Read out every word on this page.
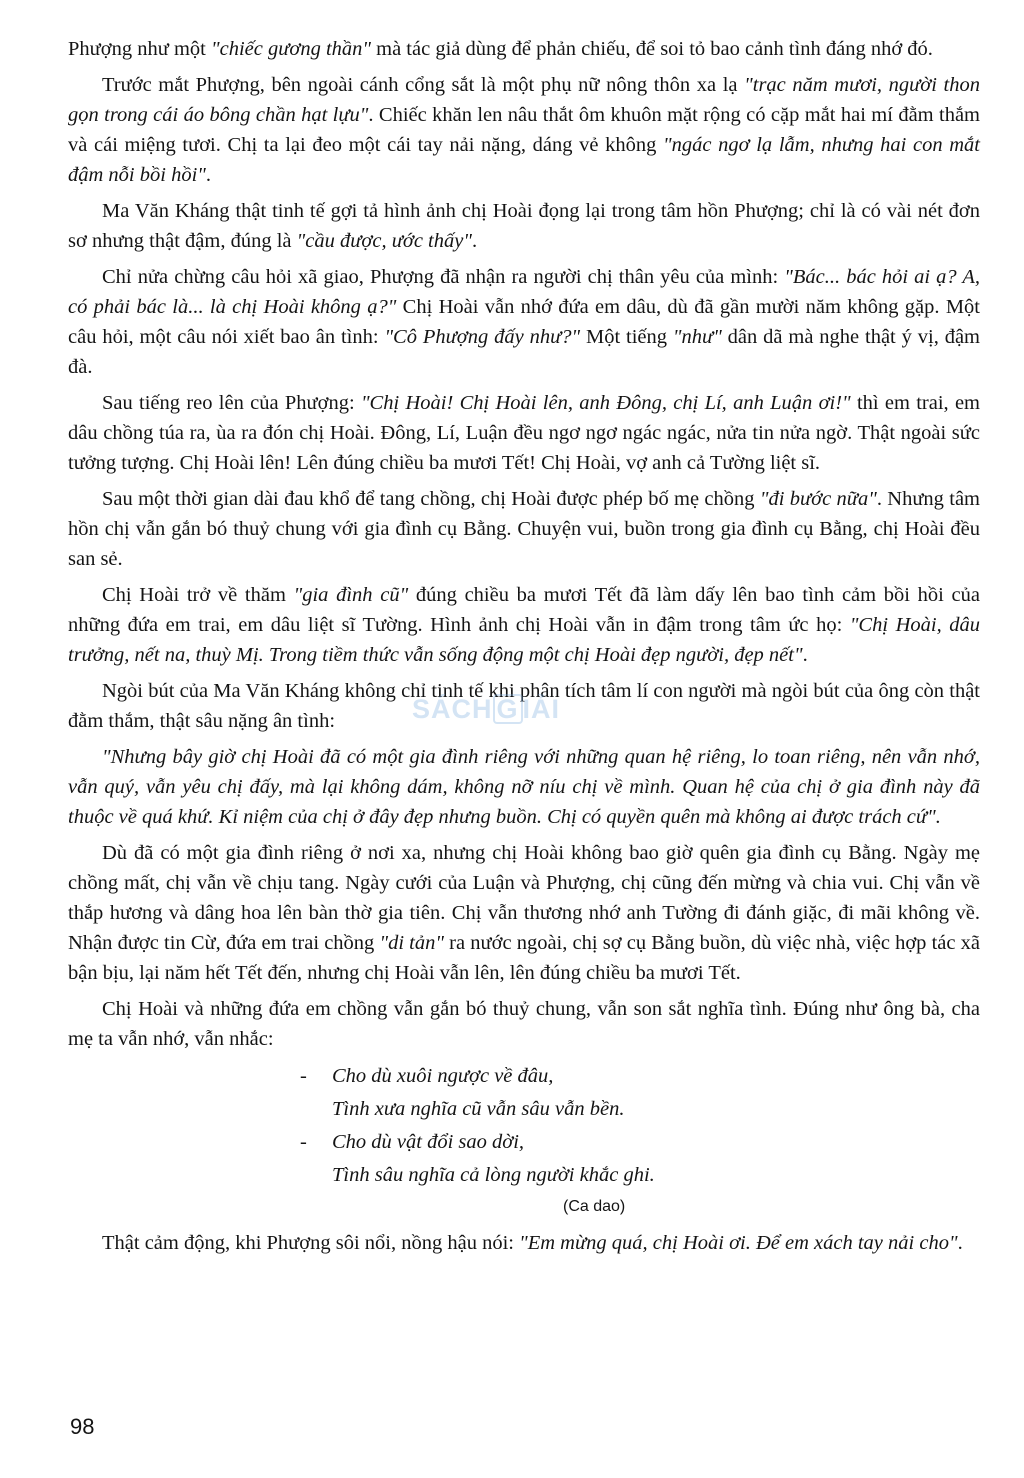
Phượng như một "chiếc gương thần" mà tác giả dùng để phản chiếu, để soi tỏ bao cảnh tình đáng nhớ đó.

Trước mắt Phượng, bên ngoài cánh cổng sắt là một phụ nữ nông thôn xa lạ "trạc năm mươi, người thon gọn trong cái áo bông chần hạt lựu". Chiếc khăn len nâu thắt ôm khuôn mặt rộng có cặp mắt hai mí đằm thắm và cái miệng tươi. Chị ta lại đeo một cái tay nải nặng, dáng vẻ không "ngác ngơ lạ lẫm, nhưng hai con mắt đậm nỗi bồi hồi".

Ma Văn Kháng thật tinh tế gợi tả hình ảnh chị Hoài đọng lại trong tâm hồn Phượng; chỉ là có vài nét đơn sơ nhưng thật đậm, đúng là "cầu được, ước thấy".

Chỉ nửa chừng câu hỏi xã giao, Phượng đã nhận ra người chị thân yêu của mình: "Bác... bác hỏi ai ạ? A, có phải bác là... là chị Hoài không ạ?" Chị Hoài vẫn nhớ đứa em dâu, dù đã gần mười năm không gặp. Một câu hỏi, một câu nói xiết bao ân tình: "Cô Phượng đấy như?" Một tiếng "như" dân dã mà nghe thật ý vị, đậm đà.

Sau tiếng reo lên của Phượng: "Chị Hoài! Chị Hoài lên, anh Đông, chị Lí, anh Luận ơi!" thì em trai, em dâu chồng túa ra, ùa ra đón chị Hoài. Đông, Lí, Luận đều ngơ ngơ ngác ngác, nửa tin nửa ngờ. Thật ngoài sức tưởng tượng. Chị Hoài lên! Lên đúng chiều ba mươi Tết! Chị Hoài, vợ anh cả Tường liệt sĩ.

Sau một thời gian dài đau khổ để tang chồng, chị Hoài được phép bố mẹ chồng "đi bước nữa". Nhưng tâm hồn chị vẫn gắn bó thuỷ chung với gia đình cụ Bằng. Chuyện vui, buồn trong gia đình cụ Bằng, chị Hoài đều san sẻ.

Chị Hoài trở về thăm "gia đình cũ" đúng chiều ba mươi Tết đã làm dấy lên bao tình cảm bồi hồi của những đứa em trai, em dâu liệt sĩ Tường. Hình ảnh chị Hoài vẫn in đậm trong tâm ức họ: "Chị Hoài, dâu trưởng, nết na, thuỳ Mị. Trong tiềm thức vẫn sống động một chị Hoài đẹp người, đẹp nết".

Ngòi bút của Ma Văn Kháng không chỉ tinh tế khi phân tích tâm lí con người mà ngòi bút của ông còn thật đằm thắm, thật sâu nặng ân tình:

"Nhưng bây giờ chị Hoài đã có một gia đình riêng với những quan hệ riêng, lo toan riêng, nên vẫn nhớ, vẫn quý, vẫn yêu chị đấy, mà lại không dám, không nỡ níu chị về mình. Quan hệ của chị ở gia đình này đã thuộc về quá khứ. Kỉ niệm của chị ở đây đẹp nhưng buồn. Chị có quyền quên mà không ai được trách cứ".

Dù đã có một gia đình riêng ở nơi xa, nhưng chị Hoài không bao giờ quên gia đình cụ Bằng. Ngày mẹ chồng mất, chị vẫn về chịu tang. Ngày cưới của Luận và Phượng, chị cũng đến mừng và chia vui. Chị vẫn về thắp hương và dâng hoa lên bàn thờ gia tiên. Chị vẫn thương nhớ anh Tường đi đánh giặc, đi mãi không về. Nhận được tin Cừ, đứa em trai chồng "di tản" ra nước ngoài, chị sợ cụ Bằng buồn, dù việc nhà, việc hợp tác xã bận bịu, lại năm hết Tết đến, nhưng chị Hoài vẫn lên, lên đúng chiều ba mươi Tết.

Chị Hoài và những đứa em chồng vẫn gắn bó thuỷ chung, vẫn son sắt nghĩa tình. Đúng như ông bà, cha mẹ ta vẫn nhớ, vẫn nhắc:

- Cho dù xuôi ngược về đâu,
Tình xưa nghĩa cũ vẫn sâu vẫn bền.
- Cho dù vật đổi sao dời,
Tình sâu nghĩa cả lòng người khắc ghi.
(Ca dao)

Thật cảm động, khi Phượng sôi nổi, nồng hậu nói: "Em mừng quá, chị Hoài ơi. Để em xách tay nải cho".

SÁCH G IẢI
98
